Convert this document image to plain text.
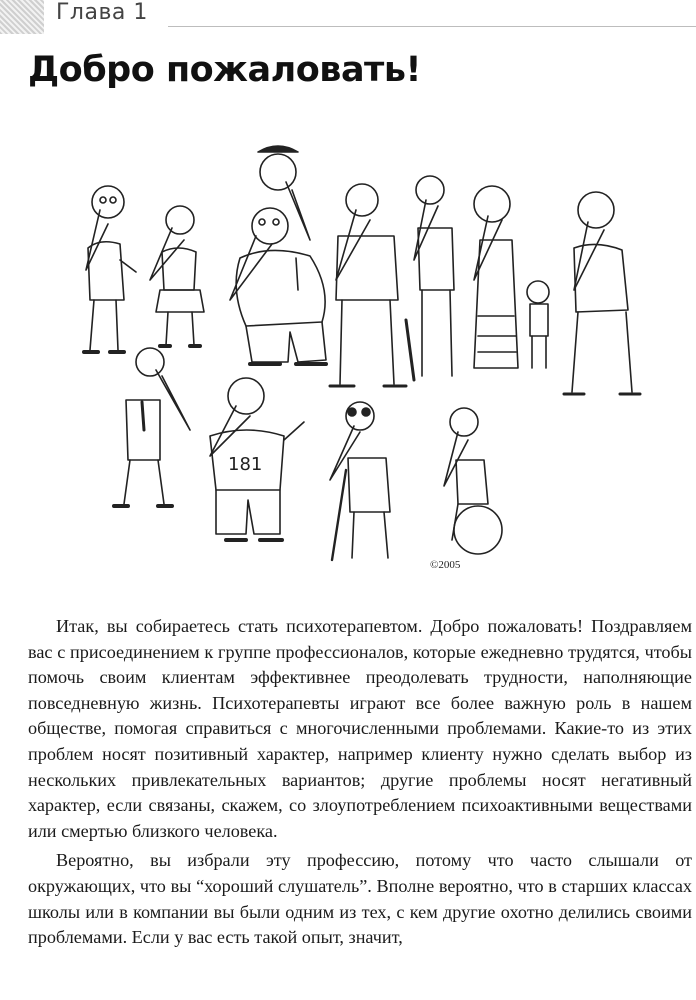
Глава 1
Добро пожаловать!
181
©2005

Итак, вы собираетесь стать психотерапевтом. Добро пожаловать! Поздравляем вас с присоединением к группе профессионалов, которые ежедневно трудятся, чтобы помочь своим клиентам эффективнее преодолевать трудности, наполняющие повседневную жизнь. Психотерапевты играют все более важную роль в нашем обществе, помогая справиться с многочисленными проблемами. Какие-то из этих проблем носят позитивный характер, например клиенту нужно сделать выбор из нескольких привлекательных вариантов; другие проблемы носят негативный характер, если связаны, скажем, со злоупотреблением психоактивными веществами или смертью близкого человека.

Вероятно, вы избрали эту профессию, потому что часто слышали от окружающих, что вы “хороший слушатель”. Вполне вероятно, что в старших классах школы или в компании вы были одним из тех, с кем другие охотно делились своими проблемами. Если у вас есть такой опыт, значит,
